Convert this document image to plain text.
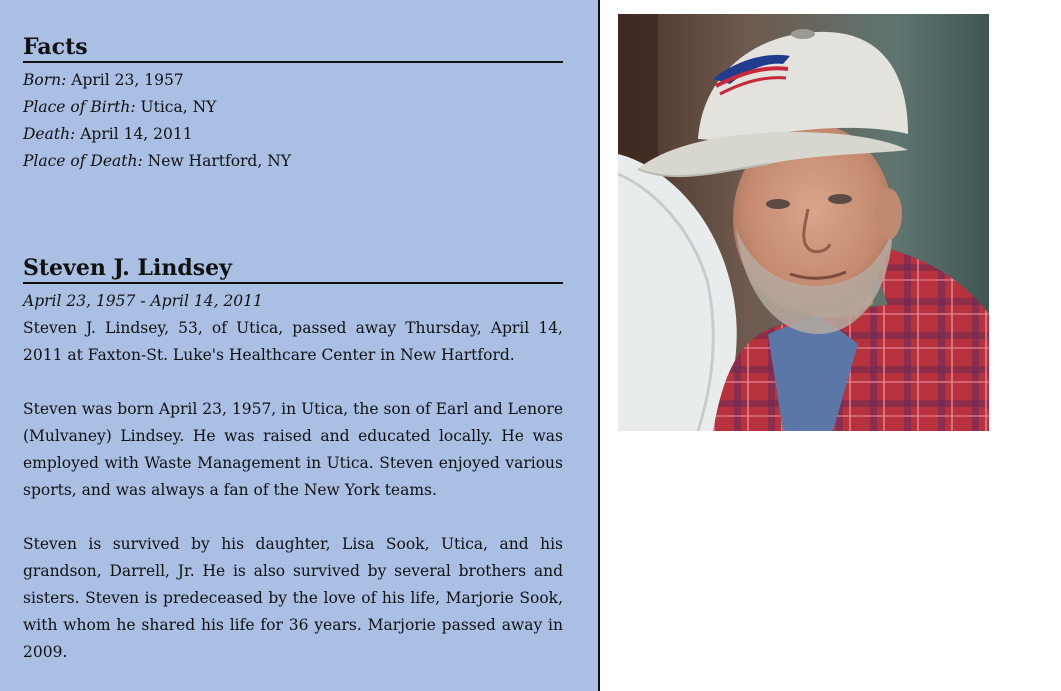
Facts
Born: April 23, 1957
Place of Birth: Utica, NY
Death: April 14, 2011
Place of Death: New Hartford, NY
Steven J. Lindsey
April 23, 1957 - April 14, 2011

Steven J. Lindsey, 53, of Utica, passed away Thursday, April 14, 2011 at Faxton-St. Luke's Healthcare Center in New Hartford.

Steven was born April 23, 1957, in Utica, the son of Earl and Lenore (Mulvaney) Lindsey. He was raised and educated locally. He was employed with Waste Management in Utica. Steven enjoyed various sports, and was always a fan of the New York teams.

Steven is survived by his daughter, Lisa Sook, Utica, and his grandson, Darrell, Jr. He is also survived by several brothers and sisters. Steven is predeceased by the love of his life, Marjorie Sook, with whom he shared his life for 36 years. Marjorie passed away in 2009.
